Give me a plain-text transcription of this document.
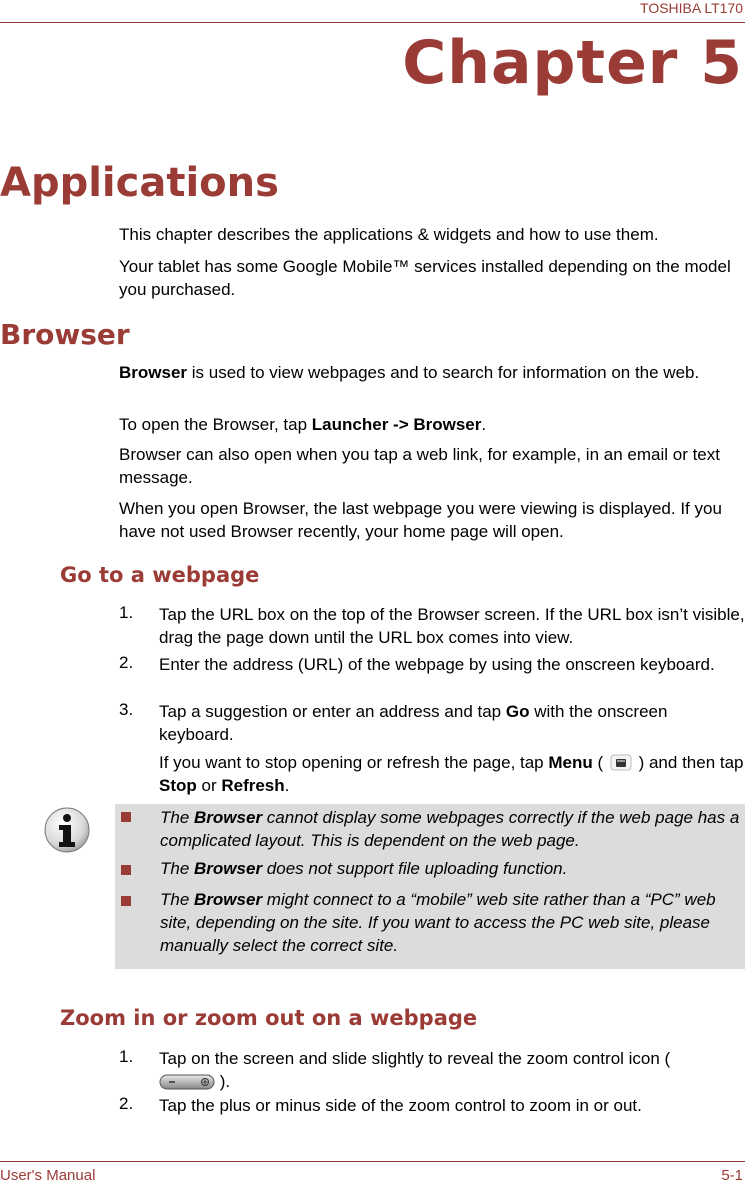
TOSHIBA LT170
Chapter 5
Applications
This chapter describes the applications & widgets and how to use them.
Your tablet has some Google Mobile™ services installed depending on the model you purchased.
Browser
Browser is used to view webpages and to search for information on the web.
To open the Browser, tap Launcher -> Browser.
Browser can also open when you tap a web link, for example, in an email or text message.
When you open Browser, the last webpage you were viewing is displayed. If you have not used Browser recently, your home page will open.
Go to a webpage
1. Tap the URL box on the top of the Browser screen. If the URL box isn’t visible, drag the page down until the URL box comes into view.
2. Enter the address (URL) of the webpage by using the onscreen keyboard.
3. Tap a suggestion or enter an address and tap Go with the onscreen keyboard.
If you want to stop opening or refresh the page, tap Menu (  ) and then tap Stop or Refresh.
The Browser cannot display some webpages correctly if the web page has a complicated layout. This is dependent on the web page.
The Browser does not support file uploading function.
The Browser might connect to a “mobile” web site rather than a “PC” web site, depending on the site. If you want to access the PC web site, please manually select the correct site.
Zoom in or zoom out on a webpage
1. Tap on the screen and slide slightly to reveal the zoom control icon (
).
2. Tap the plus or minus side of the zoom control to zoom in or out.
User's Manual	5-1
